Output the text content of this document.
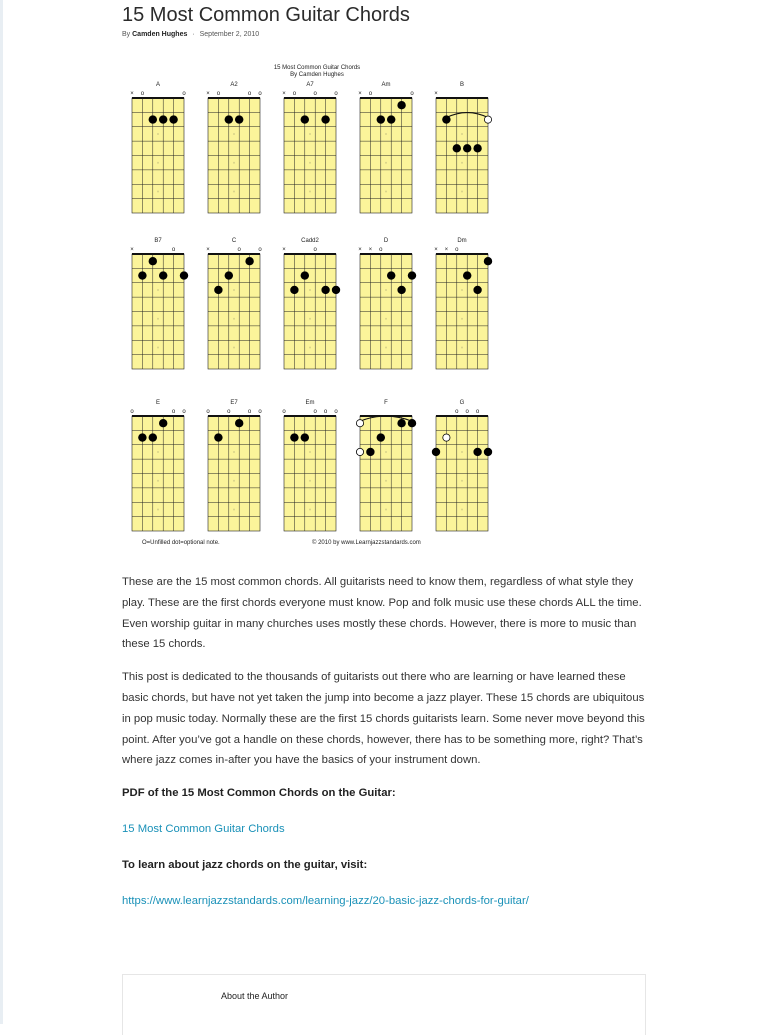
15 Most Common Guitar Chords
By Camden Hughes · September 2, 2010
15 Most Common Guitar Chords
By Camden Hughes
A
× o	o
A2
× o	o o
A7
× o	o	o
Am
× o	o
B
×
B7
×	o
C
×	o	o
Cadd2
×	o
D
× × o
Dm
× × o
E
o	o o
E7
o	o	o o
Em
o	o o o
F	G
o o o
O=Unfilled dot=optional note.	© 2010 by www.Learnjazzstandards.com

These are the 15 most common chords. All guitarists need to know them, regardless of what style they play. These are the first chords everyone must know. Pop and folk music use these chords ALL the time. Even worship guitar in many churches uses mostly these chords. However, there is more to music than these 15 chords.

This post is dedicated to the thousands of guitarists out there who are learning or have learned these basic chords, but have not yet taken the jump into become a jazz player. These 15 chords are ubiquitous in pop music today. Normally these are the first 15 chords guitarists learn. Some never move beyond this point. After you’ve got a handle on these chords, however, there has to be something more, right? That’s where jazz comes in-after you have the basics of your instrument down.

PDF of the 15 Most Common Chords on the Guitar:

15 Most Common Guitar Chords

To learn about jazz chords on the guitar, visit:

https://www.learnjazzstandards.com/learning-jazz/20-basic-jazz-chords-for-guitar/
About the Author
